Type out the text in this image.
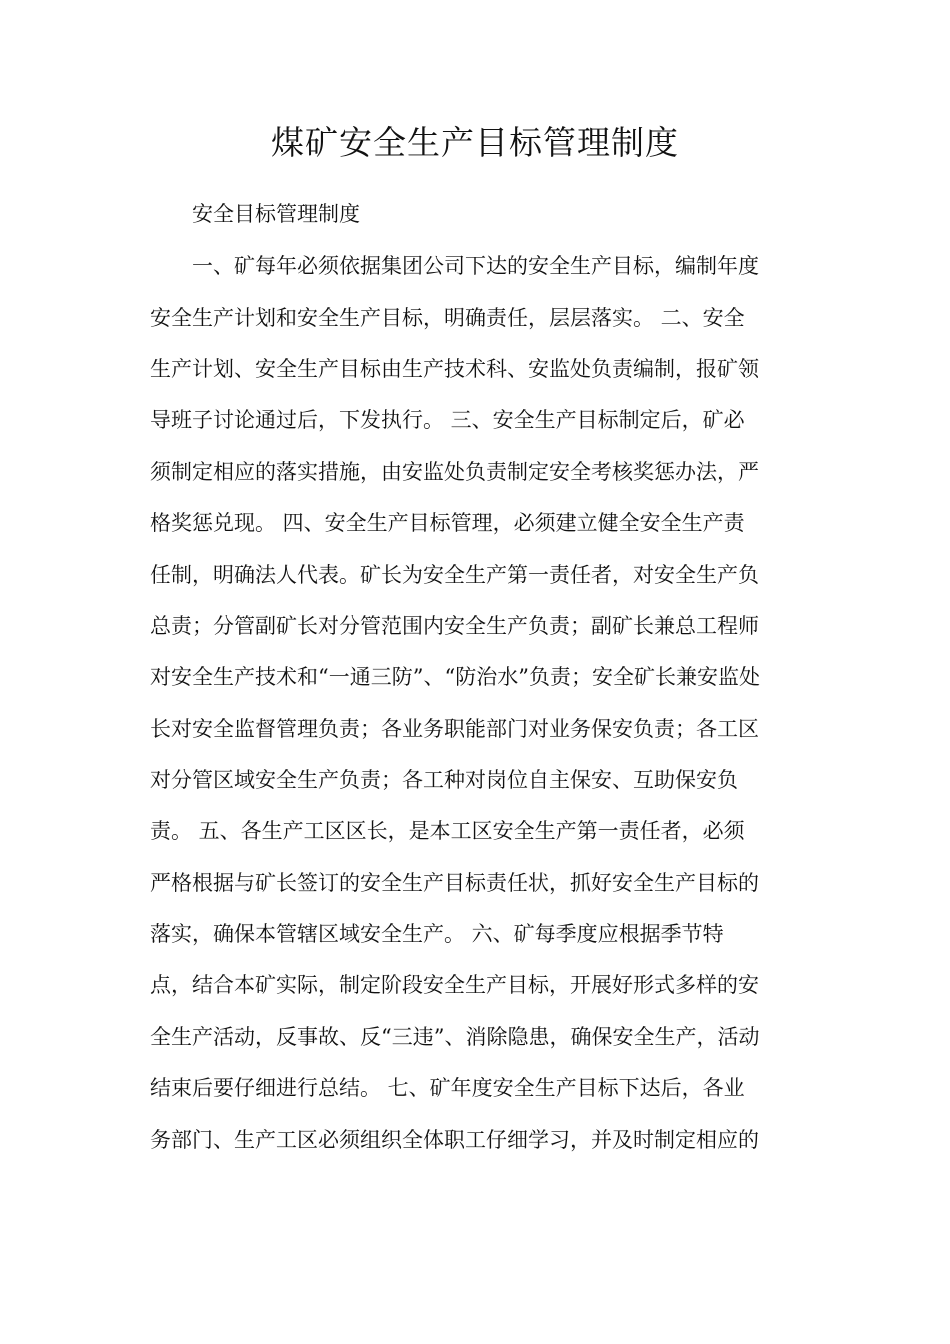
煤矿安全生产目标管理制度
安全目标管理制度
一、矿每年必须依据集团公司下达的安全生产目标，编制年度
安全生产计划和安全生产目标，明确责任，层层落实。 二、安全
生产计划、安全生产目标由生产技术科、安监处负责编制，报矿领
导班子讨论通过后，下发执行。 三、安全生产目标制定后，矿必
须制定相应的落实措施，由安监处负责制定安全考核奖惩办法，严
格奖惩兑现。 四、安全生产目标管理，必须建立健全安全生产责
任制，明确法人代表。矿长为安全生产第一责任者，对安全生产负
总责；分管副矿长对分管范围内安全生产负责；副矿长兼总工程师
对安全生产技术和“一通三防”、“防治水”负责；安全矿长兼安监处
长对安全监督管理负责；各业务职能部门对业务保安负责；各工区
对分管区域安全生产负责；各工种对岗位自主保安、互助保安负
责。 五、各生产工区区长，是本工区安全生产第一责任者，必须
严格根据与矿长签订的安全生产目标责任状，抓好安全生产目标的
落实，确保本管辖区域安全生产。 六、矿每季度应根据季节特
点，结合本矿实际，制定阶段安全生产目标，开展好形式多样的安
全生产活动，反事故、反“三违”、消除隐患，确保安全生产，活动
结束后要仔细进行总结。 七、矿年度安全生产目标下达后，各业
务部门、生产工区必须组织全体职工仔细学习，并及时制定相应的
